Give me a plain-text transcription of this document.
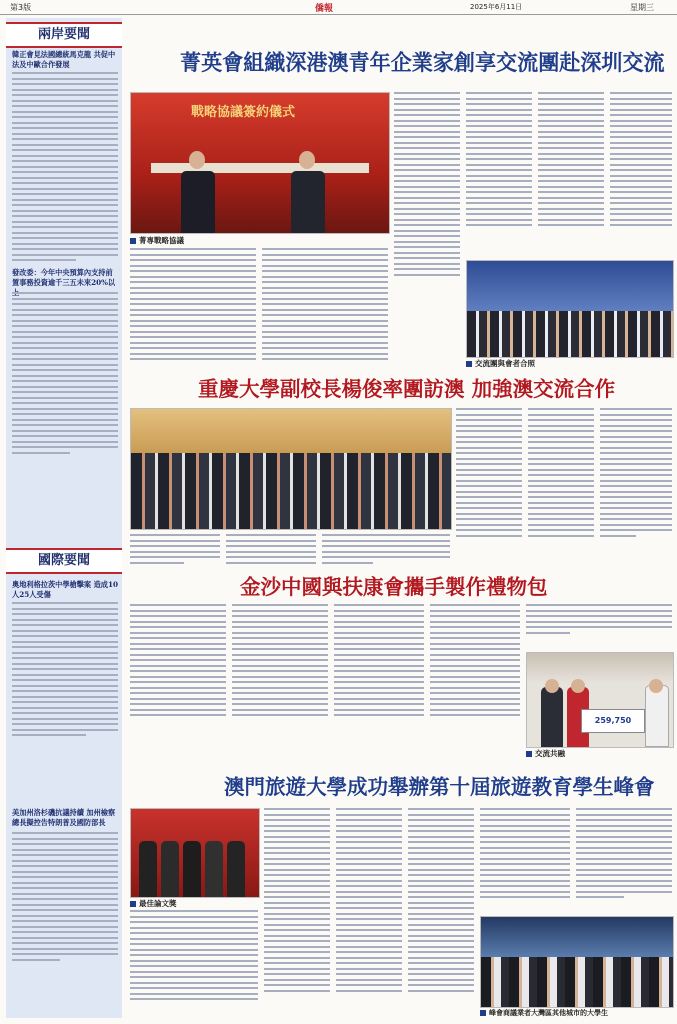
第3版	僑報	2025年6月11日	星期三
兩岸要聞
韓正會見法國總統馬克龍 共促中法及中歐合作發展
發改委：今年中央預算內支持前置事務投資逾千三五未來20%以
國際要聞
奧地利格拉茨中學槍擊案 造成10人25人受傷
美加州洛杉磯抗議持續 加州檢察總長擬控告特朗普及國防部長
菁英會組織深港澳青年企業家創享交流團赴深圳交流
戰略協議簽約儀式
菁專戰略協議
交流團與會者合照
重慶大學副校長楊俊率團訪澳 加強澳交流合作
金沙中國與扶康會攜手製作禮物包
259,750
交流共融
澳門旅遊大學成功舉辦第十屆旅遊教育學生峰會
最佳論文獎
峰會商議業者大灣區其他城市的大學生
